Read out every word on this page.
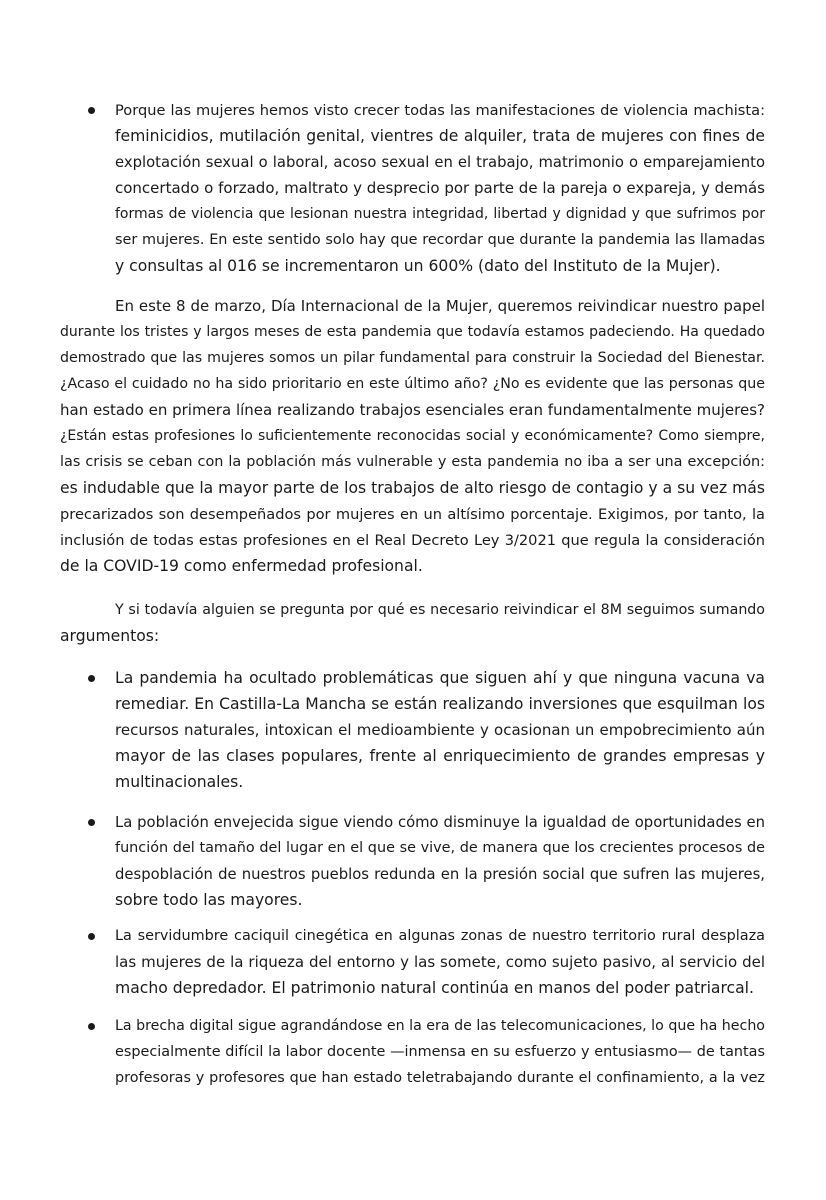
Porque las mujeres hemos visto crecer todas las manifestaciones de violencia machista:
feminicidios, mutilación genital, vientres de alquiler, trata de mujeres con fines de
explotación sexual o laboral, acoso sexual en el trabajo, matrimonio o emparejamiento
concertado o forzado, maltrato y desprecio por parte de la pareja o expareja, y demás
formas de violencia que lesionan nuestra integridad, libertad y dignidad y que sufrimos por
ser mujeres. En este sentido solo hay que recordar que durante la pandemia las llamadas
y consultas al 016 se incrementaron un 600% (dato del Instituto de la Mujer).
En este 8 de marzo, Día Internacional de la Mujer, queremos reivindicar nuestro papel
durante los tristes y largos meses de esta pandemia que todavía estamos padeciendo. Ha quedado
demostrado que las mujeres somos un pilar fundamental para construir la Sociedad del Bienestar.
¿Acaso el cuidado no ha sido prioritario en este último año? ¿No es evidente que las personas que
han estado en primera línea realizando trabajos esenciales eran fundamentalmente mujeres?
¿Están estas profesiones lo suficientemente reconocidas social y económicamente? Como siempre,
las crisis se ceban con la población más vulnerable y esta pandemia no iba a ser una excepción:
es indudable que la mayor parte de los trabajos de alto riesgo de contagio y a su vez más
precarizados son desempeñados por mujeres en un altísimo porcentaje. Exigimos, por tanto, la
inclusión de todas estas profesiones en el Real Decreto Ley 3/2021 que regula la consideración
de la COVID-19 como enfermedad profesional.
Y si todavía alguien se pregunta por qué es necesario reivindicar el 8M seguimos sumando
argumentos:
La pandemia ha ocultado problemáticas que siguen ahí y que ninguna vacuna va
remediar. En Castilla-La Mancha se están realizando inversiones que esquilman los
recursos naturales, intoxican el medioambiente y ocasionan un empobrecimiento aún
mayor de las clases populares, frente al enriquecimiento de grandes empresas y
multinacionales.
La población envejecida sigue viendo cómo disminuye la igualdad de oportunidades en
función del tamaño del lugar en el que se vive, de manera que los crecientes procesos de
despoblación de nuestros pueblos redunda en la presión social que sufren las mujeres,
sobre todo las mayores.
La servidumbre caciquil cinegética en algunas zonas de nuestro territorio rural desplaza
las mujeres de la riqueza del entorno y las somete, como sujeto pasivo, al servicio del
macho depredador. El patrimonio natural continúa en manos del poder patriarcal.
La brecha digital sigue agrandándose en la era de las telecomunicaciones, lo que ha hecho
especialmente difícil la labor docente —inmensa en su esfuerzo y entusiasmo— de tantas
profesoras y profesores que han estado teletrabajando durante el confinamiento, a la vez
